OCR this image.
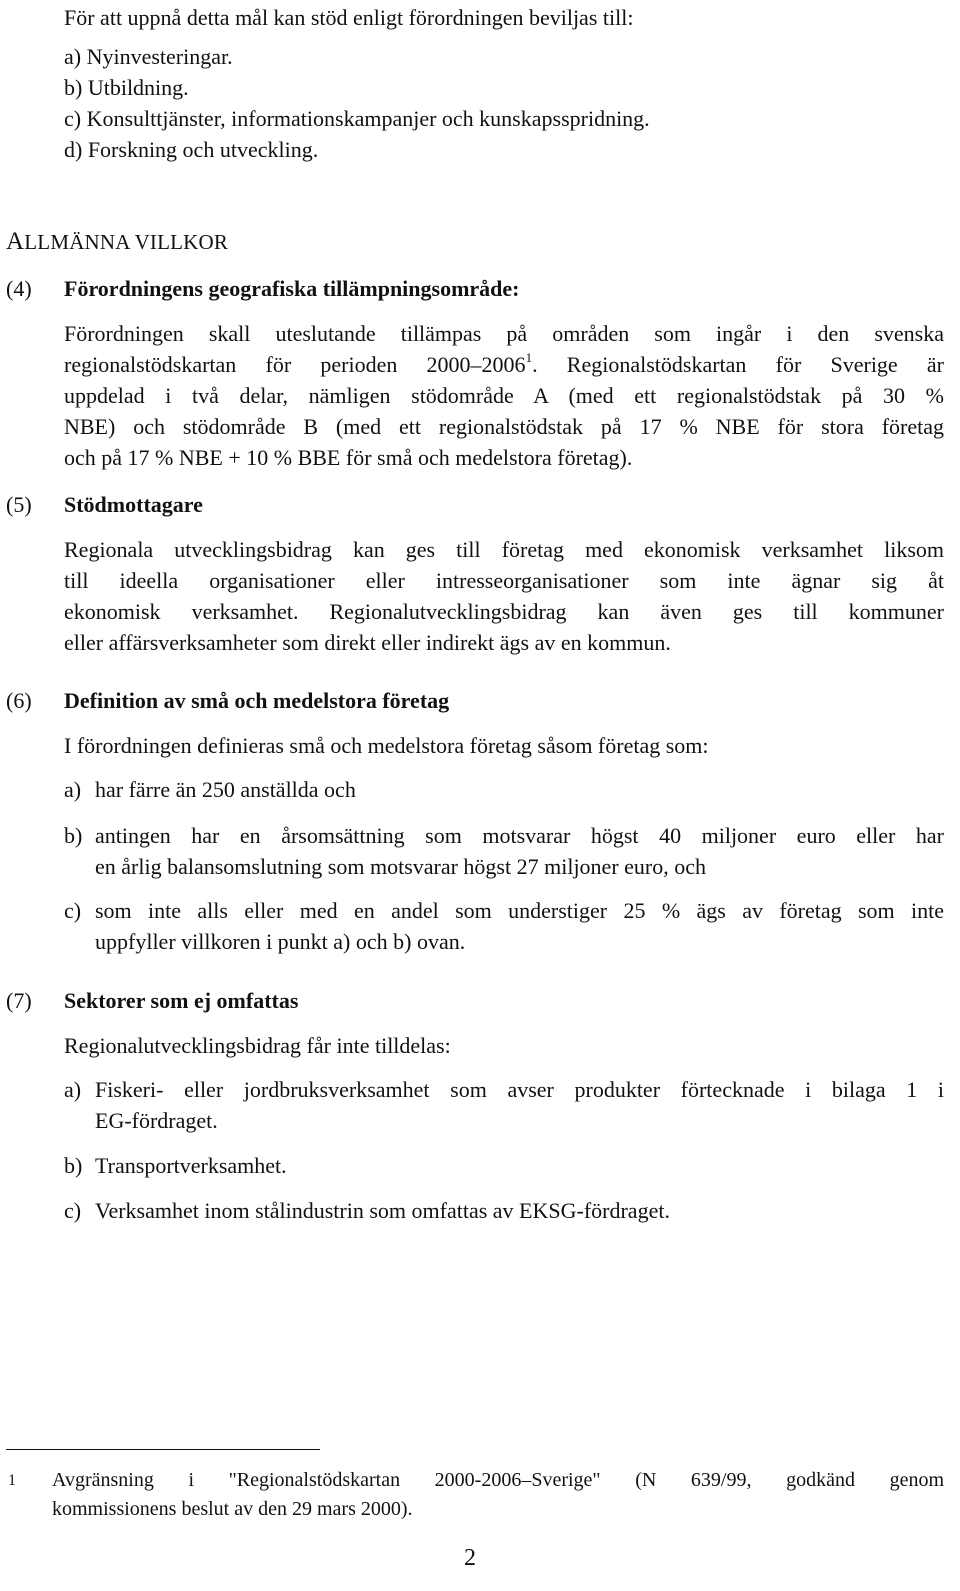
För att uppnå detta mål kan stöd enligt förordningen beviljas till:
a) Nyinvesteringar.
b) Utbildning.
c) Konsulttjänster, informationskampanjer och kunskapsspridning.
d) Forskning och utveckling.
ALLMÄNNA VILLKOR
(4) Förordningens geografiska tillämpningsområde:
Förordningen skall uteslutande tillämpas på områden som ingår i den svenska
regionalstödskartan för perioden 2000–2006$^1$. Regionalstödskartan för Sverige är
uppdelad i två delar, nämligen stödområde A (med ett regionalstödstak på 30 %
NBE) och stödområde B (med ett regionalstödstak på 17 % NBE för stora företag
och på 17 % NBE + 10 % BBE för små och medelstora företag).
(5) Stödmottagare
Regionala utvecklingsbidrag kan ges till företag med ekonomisk verksamhet liksom
till ideella organisationer eller intresseorganisationer som inte ägnar sig åt
ekonomisk verksamhet. Regionalutvecklingsbidrag kan även ges till kommuner
eller affärsverksamheter som direkt eller indirekt ägs av en kommun.
(6) Definition av små och medelstora företag
I förordningen definieras små och medelstora företag såsom företag som:
a) har färre än 250 anställda och
b) antingen har en årsomsättning som motsvarar högst 40 miljoner euro eller har
en årlig balansomslutning som motsvarar högst 27 miljoner euro, och
c) som inte alls eller med en andel som understiger 25 % ägs av företag som inte
uppfyller villkoren i punkt a) och b) ovan.
(7) Sektorer som ej omfattas
Regionalutvecklingsbidrag får inte tilldelas:
a) Fiskeri- eller jordbruksverksamhet som avser produkter förtecknade i bilaga 1 i
EG-fördraget.
b) Transportverksamhet.
c) Verksamhet inom stålindustrin som omfattas av EKSG-fördraget.
1 Avgränsning i "Regionalstödskartan 2000-2006–Sverige" (N 639/99, godkänd genom
kommissionens beslut av den 29 mars 2000).
2
